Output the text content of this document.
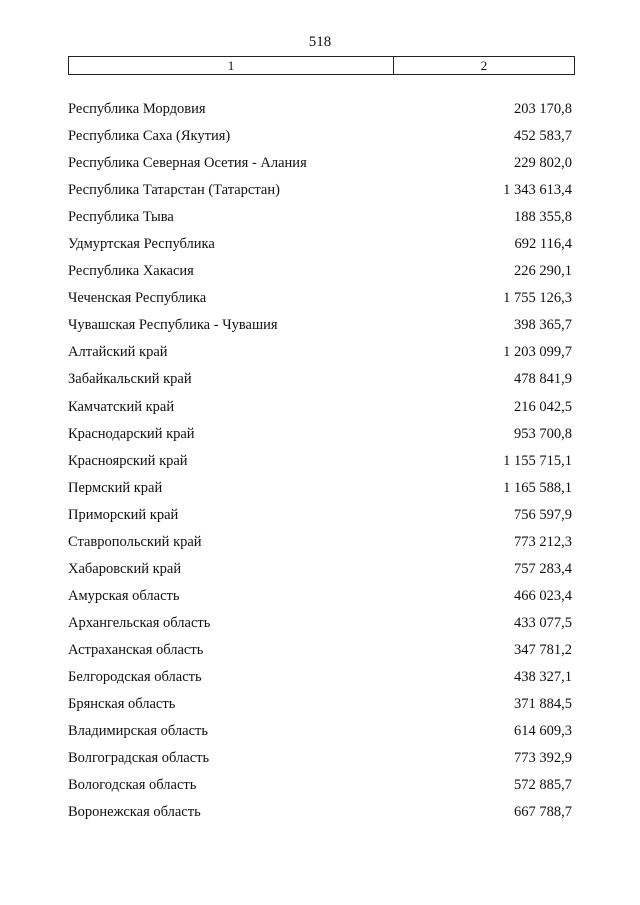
518
1	2
Республика Мордовия	203 170,8
Республика Саха (Якутия)	452 583,7
Республика Северная Осетия - Алания	229 802,0
Республика Татарстан (Татарстан)	1 343 613,4
Республика Тыва	188 355,8
Удмуртская Республика	692 116,4
Республика Хакасия	226 290,1
Чеченская Республика	1 755 126,3
Чувашская Республика - Чувашия	398 365,7
Алтайский край	1 203 099,7
Забайкальский край	478 841,9
Камчатский край	216 042,5
Краснодарский край	953 700,8
Красноярский край	1 155 715,1
Пермский край	1 165 588,1
Приморский край	756 597,9
Ставропольский край	773 212,3
Хабаровский край	757 283,4
Амурская область	466 023,4
Архангельская область	433 077,5
Астраханская область	347 781,2
Белгородская область	438 327,1
Брянская область	371 884,5
Владимирская область	614 609,3
Волгоградская область	773 392,9
Вологодская область	572 885,7
Воронежская область	667 788,7
